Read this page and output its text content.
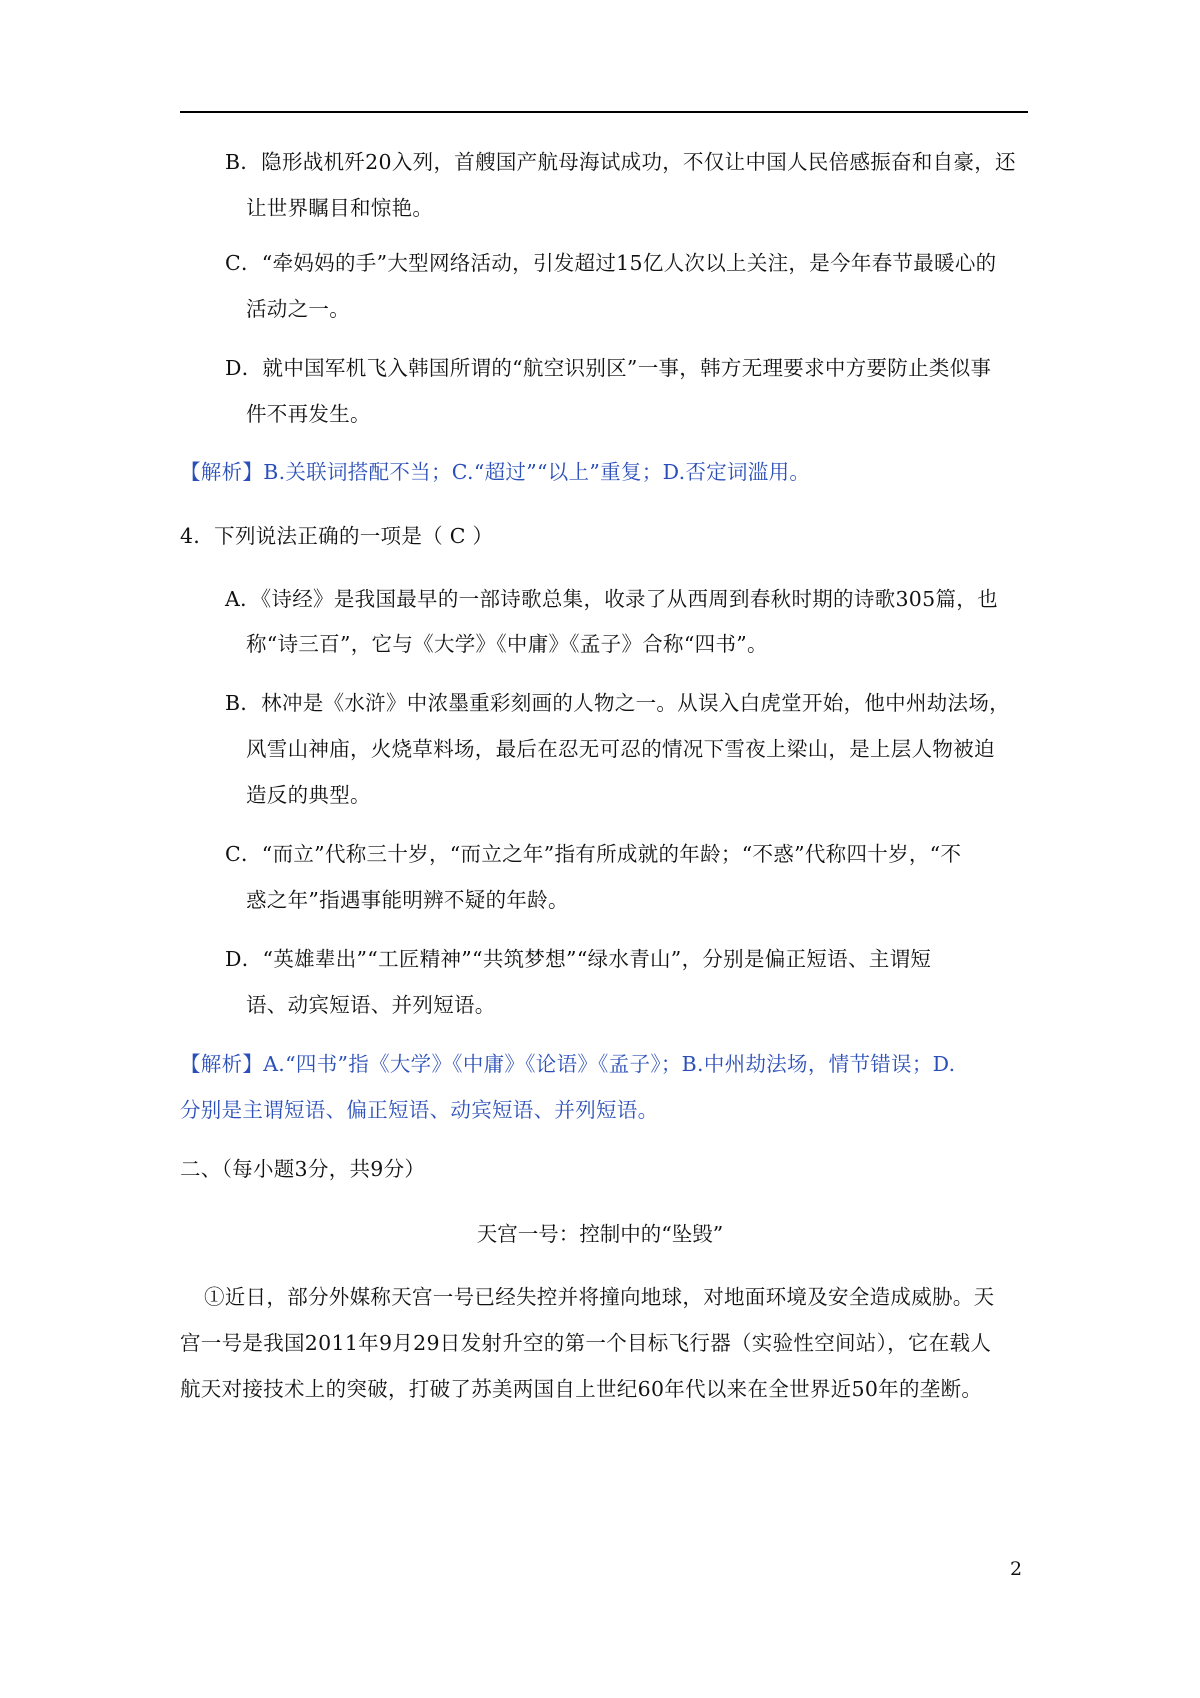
B．隐形战机歼20入列，首艘国产航母海试成功，不仅让中国人民倍感振奋和自豪，还
让世界瞩目和惊艳。
C．“牵妈妈的手”大型网络活动，引发超过15亿人次以上关注，是今年春节最暖心的
活动之一。
D．就中国军机飞入韩国所谓的“航空识别区”一事，韩方无理要求中方要防止类似事
件不再发生。
【解析】B.关联词搭配不当；C.“超过”“以上”重复；D.否定词滥用。
4．下列说法正确的一项是（ C ）
A．《诗经》是我国最早的一部诗歌总集，收录了从西周到春秋时期的诗歌305篇，也
称“诗三百”，它与《大学》《中庸》《孟子》合称“四书”。
B．林冲是《水浒》中浓墨重彩刻画的人物之一。从误入白虎堂开始，他中州劫法场，
风雪山神庙，火烧草料场，最后在忍无可忍的情况下雪夜上梁山，是上层人物被迫
造反的典型。
C．“而立”代称三十岁，“而立之年”指有所成就的年龄；“不惑”代称四十岁，“不
惑之年”指遇事能明辨不疑的年龄。
D．“英雄辈出”“工匠精神”“共筑梦想”“绿水青山”，分别是偏正短语、主谓短
语、动宾短语、并列短语。
【解析】A.“四书”指《大学》《中庸》《论语》《孟子》；B.中州劫法场，情节错误；D.
分别是主谓短语、偏正短语、动宾短语、并列短语。
二、（每小题3分，共9分）
天宫一号：控制中的“坠毁”
①近日，部分外媒称天宫一号已经失控并将撞向地球，对地面环境及安全造成威胁。天
宫一号是我国2011年9月29日发射升空的第一个目标飞行器（实验性空间站），它在载人
航天对接技术上的突破，打破了苏美两国自上世纪60年代以来在全世界近50年的垄断。
2
